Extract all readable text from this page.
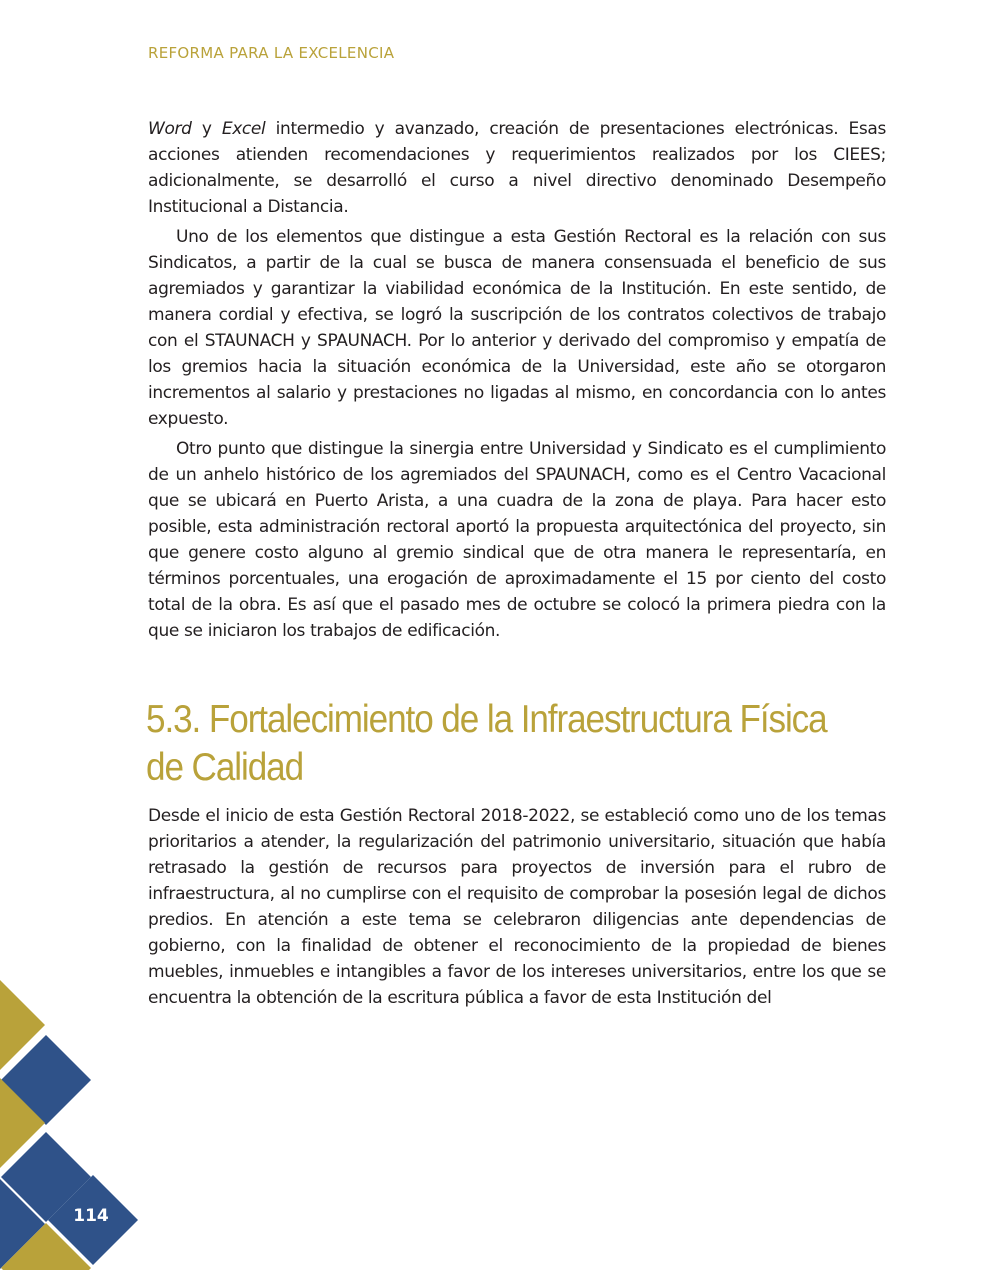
REFORMA PARA LA EXCELENCIA

Word y Excel intermedio y avanzado, creación de presentaciones electrónicas. Esas acciones atienden recomendaciones y requerimientos realizados por los CIEES; adicionalmente, se desarrolló el curso a nivel directivo denominado Desempeño Institucional a Distancia.

Uno de los elementos que distingue a esta Gestión Rectoral es la relación con sus Sindicatos, a partir de la cual se busca de manera consensuada el beneficio de sus agremiados y garantizar la viabilidad económica de la Institución. En este sentido, de manera cordial y efectiva, se logró la suscripción de los contratos colectivos de trabajo con el STAUNACH y SPAUNACH. Por lo anterior y derivado del compromiso y empatía de los gremios hacia la situación económica de la Universidad, este año se otorgaron incrementos al salario y prestaciones no ligadas al mismo, en concordancia con lo antes expuesto.

Otro punto que distingue la sinergia entre Universidad y Sindicato es el cumplimiento de un anhelo histórico de los agremiados del SPAUNACH, como es el Centro Vacacional que se ubicará en Puerto Arista, a una cuadra de la zona de playa. Para hacer esto posible, esta administración rectoral aportó la propuesta arquitectónica del proyecto, sin que genere costo alguno al gremio sindical que de otra manera le representaría, en términos porcentuales, una erogación de aproximadamente el 15 por ciento del costo total de la obra. Es así que el pasado mes de octubre se colocó la primera piedra con la que se iniciaron los trabajos de edificación.

5.3. Fortalecimiento de la Infraestructura Física de Calidad

Desde el inicio de esta Gestión Rectoral 2018-2022, se estableció como uno de los temas prioritarios a atender, la regularización del patrimonio universitario, situación que había retrasado la gestión de recursos para proyectos de inversión para el rubro de infraestructura, al no cumplirse con el requisito de comprobar la posesión legal de dichos predios. En atención a este tema se celebraron diligencias ante dependencias de gobierno, con la finalidad de obtener el reconocimiento de la propiedad de bienes muebles, inmuebles e intangibles a favor de los intereses universitarios, entre los que se encuentra la obtención de la escritura pública a favor de esta Institución del

114
